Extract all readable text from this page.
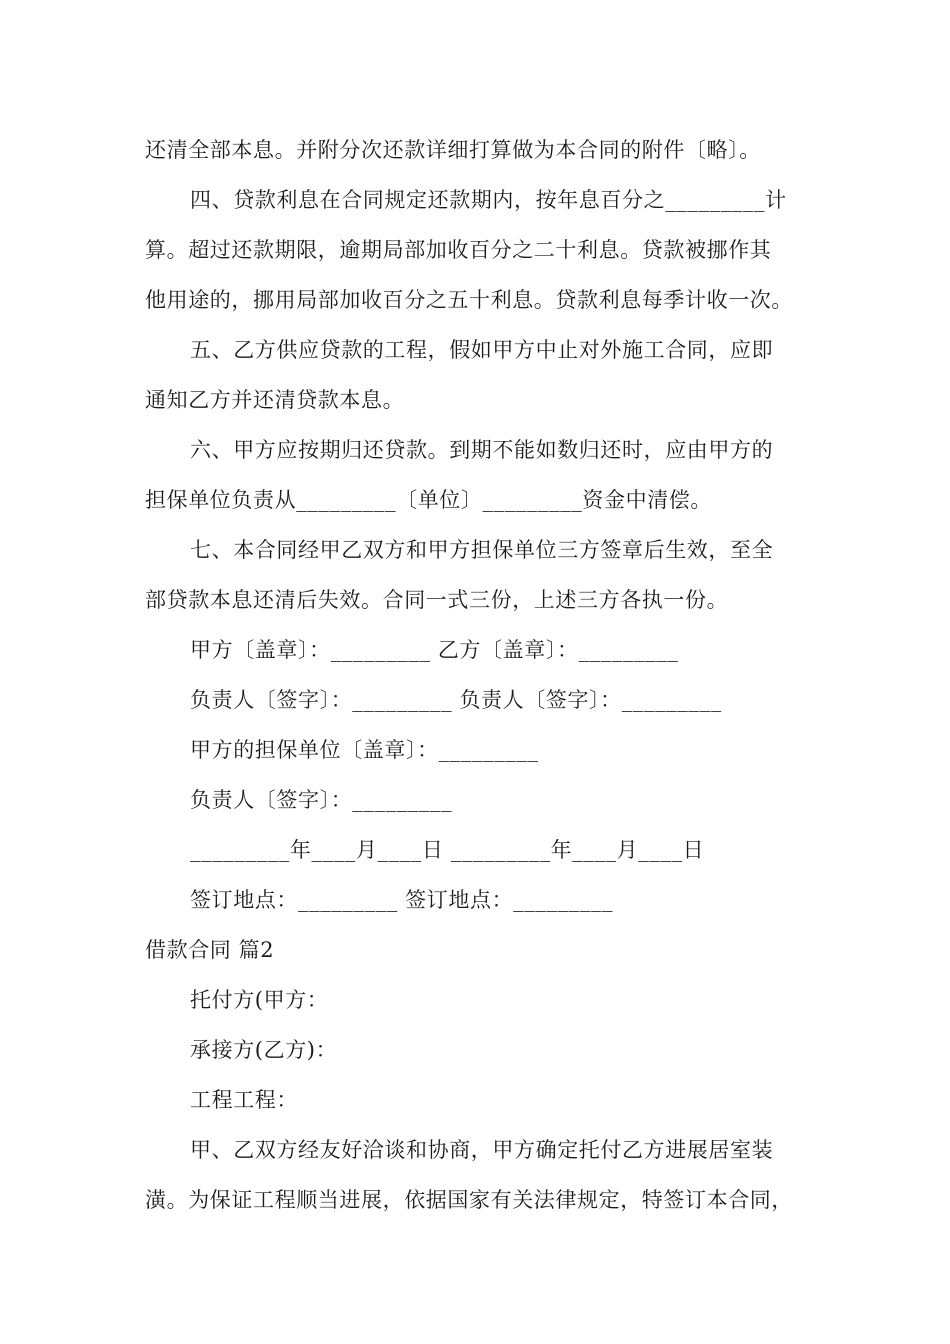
还清全部本息。并附分次还款详细打算做为本合同的附件〔略〕。
四、贷款利息在合同规定还款期内，按年息百分之_________计
算。超过还款期限，逾期局部加收百分之二十利息。贷款被挪作其
他用途的，挪用局部加收百分之五十利息。贷款利息每季计收一次。
五、乙方供应贷款的工程，假如甲方中止对外施工合同，应即
通知乙方并还清贷款本息。
六、甲方应按期归还贷款。到期不能如数归还时，应由甲方的
担保单位负责从_________〔单位〕_________资金中清偿。
七、本合同经甲乙双方和甲方担保单位三方签章后生效，至全
部贷款本息还清后失效。合同一式三份，上述三方各执一份。
甲方〔盖章〕：_________ 乙方〔盖章〕：_________
负责人〔签字〕：_________ 负责人〔签字〕：_________
甲方的担保单位〔盖章〕：_________
负责人〔签字〕：_________
_________年____月____日 _________年____月____日
签订地点：_________ 签订地点：_________
借款合同 篇2
托付方(甲方：
承接方(乙方)：
工程工程：
甲、乙双方经友好洽谈和协商，甲方确定托付乙方进展居室装
潢。为保证工程顺当进展，依据国家有关法律规定，特签订本合同，
